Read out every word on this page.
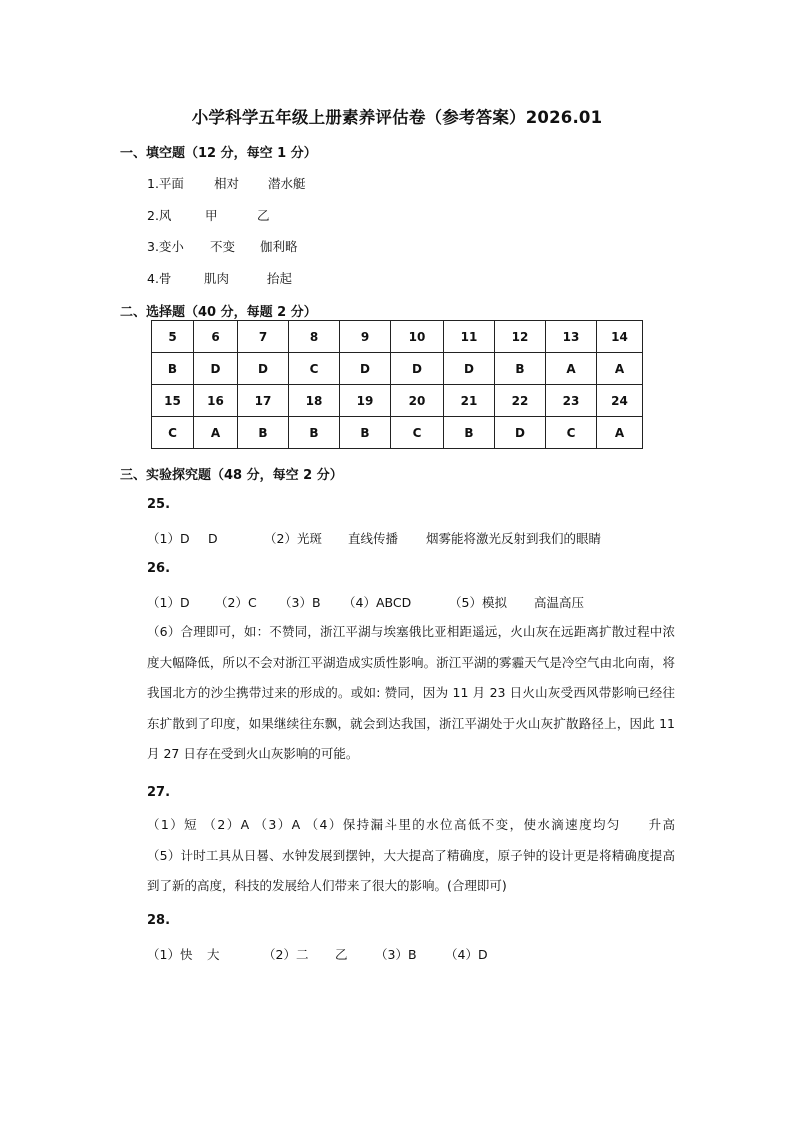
小学科学五年级上册素养评估卷（参考答案）2026.01
一、填空题（12 分，每空 1 分）
1.平面 相对 潜水艇
2.风	甲	乙
3.变小 不变 伽利略
4.骨	肌肉	抬起
二、选择题（40 分，每题 2 分）
5	6	7	8	9	10	11	12	13	14
B	D	D	C	D	D	D	B	A	A
15	16	17	18	19	20	21	22	23	24
C	A	B	B	B	C	B	D	C	A
三、实验探究题（48 分，每空 2 分）
25.
（1）D D	（2）光斑 直线传播 烟雾能将激光反射到我们的眼睛
26.
（1）D （2）C （3）B （4）ABCD	（5）模拟 高温高压

（6）合理即可，如：不赞同，浙江平湖与埃塞俄比亚相距遥远，火山灰在远距离扩散过程中浓度大幅降低，所以不会对浙江平湖造成实质性影响。浙江平湖的雾霾天气是冷空气由北向南，将我国北方的沙尘携带过来的形成的。或如: 赞同，因为 11 月 23 日火山灰受西风带影响已经往东扩散到了印度，如果继续往东飘，就会到达我国，浙江平湖处于火山灰扩散路径上，因此 11 月 27 日存在受到火山灰影响的可能。

27.

（1）短 （2）A （3）A （4）保持漏斗里的水位高低不变，使水滴速度均匀　　升高　　　（5）计时工具从日晷、水钟发展到摆钟，大大提高了精确度，原子钟的设计更是将精确度提高到了新的高度，科技的发展给人们带来了很大的影响。(合理即可)

28.
（1）快 大	（2）二 乙 （3）B （4）D
